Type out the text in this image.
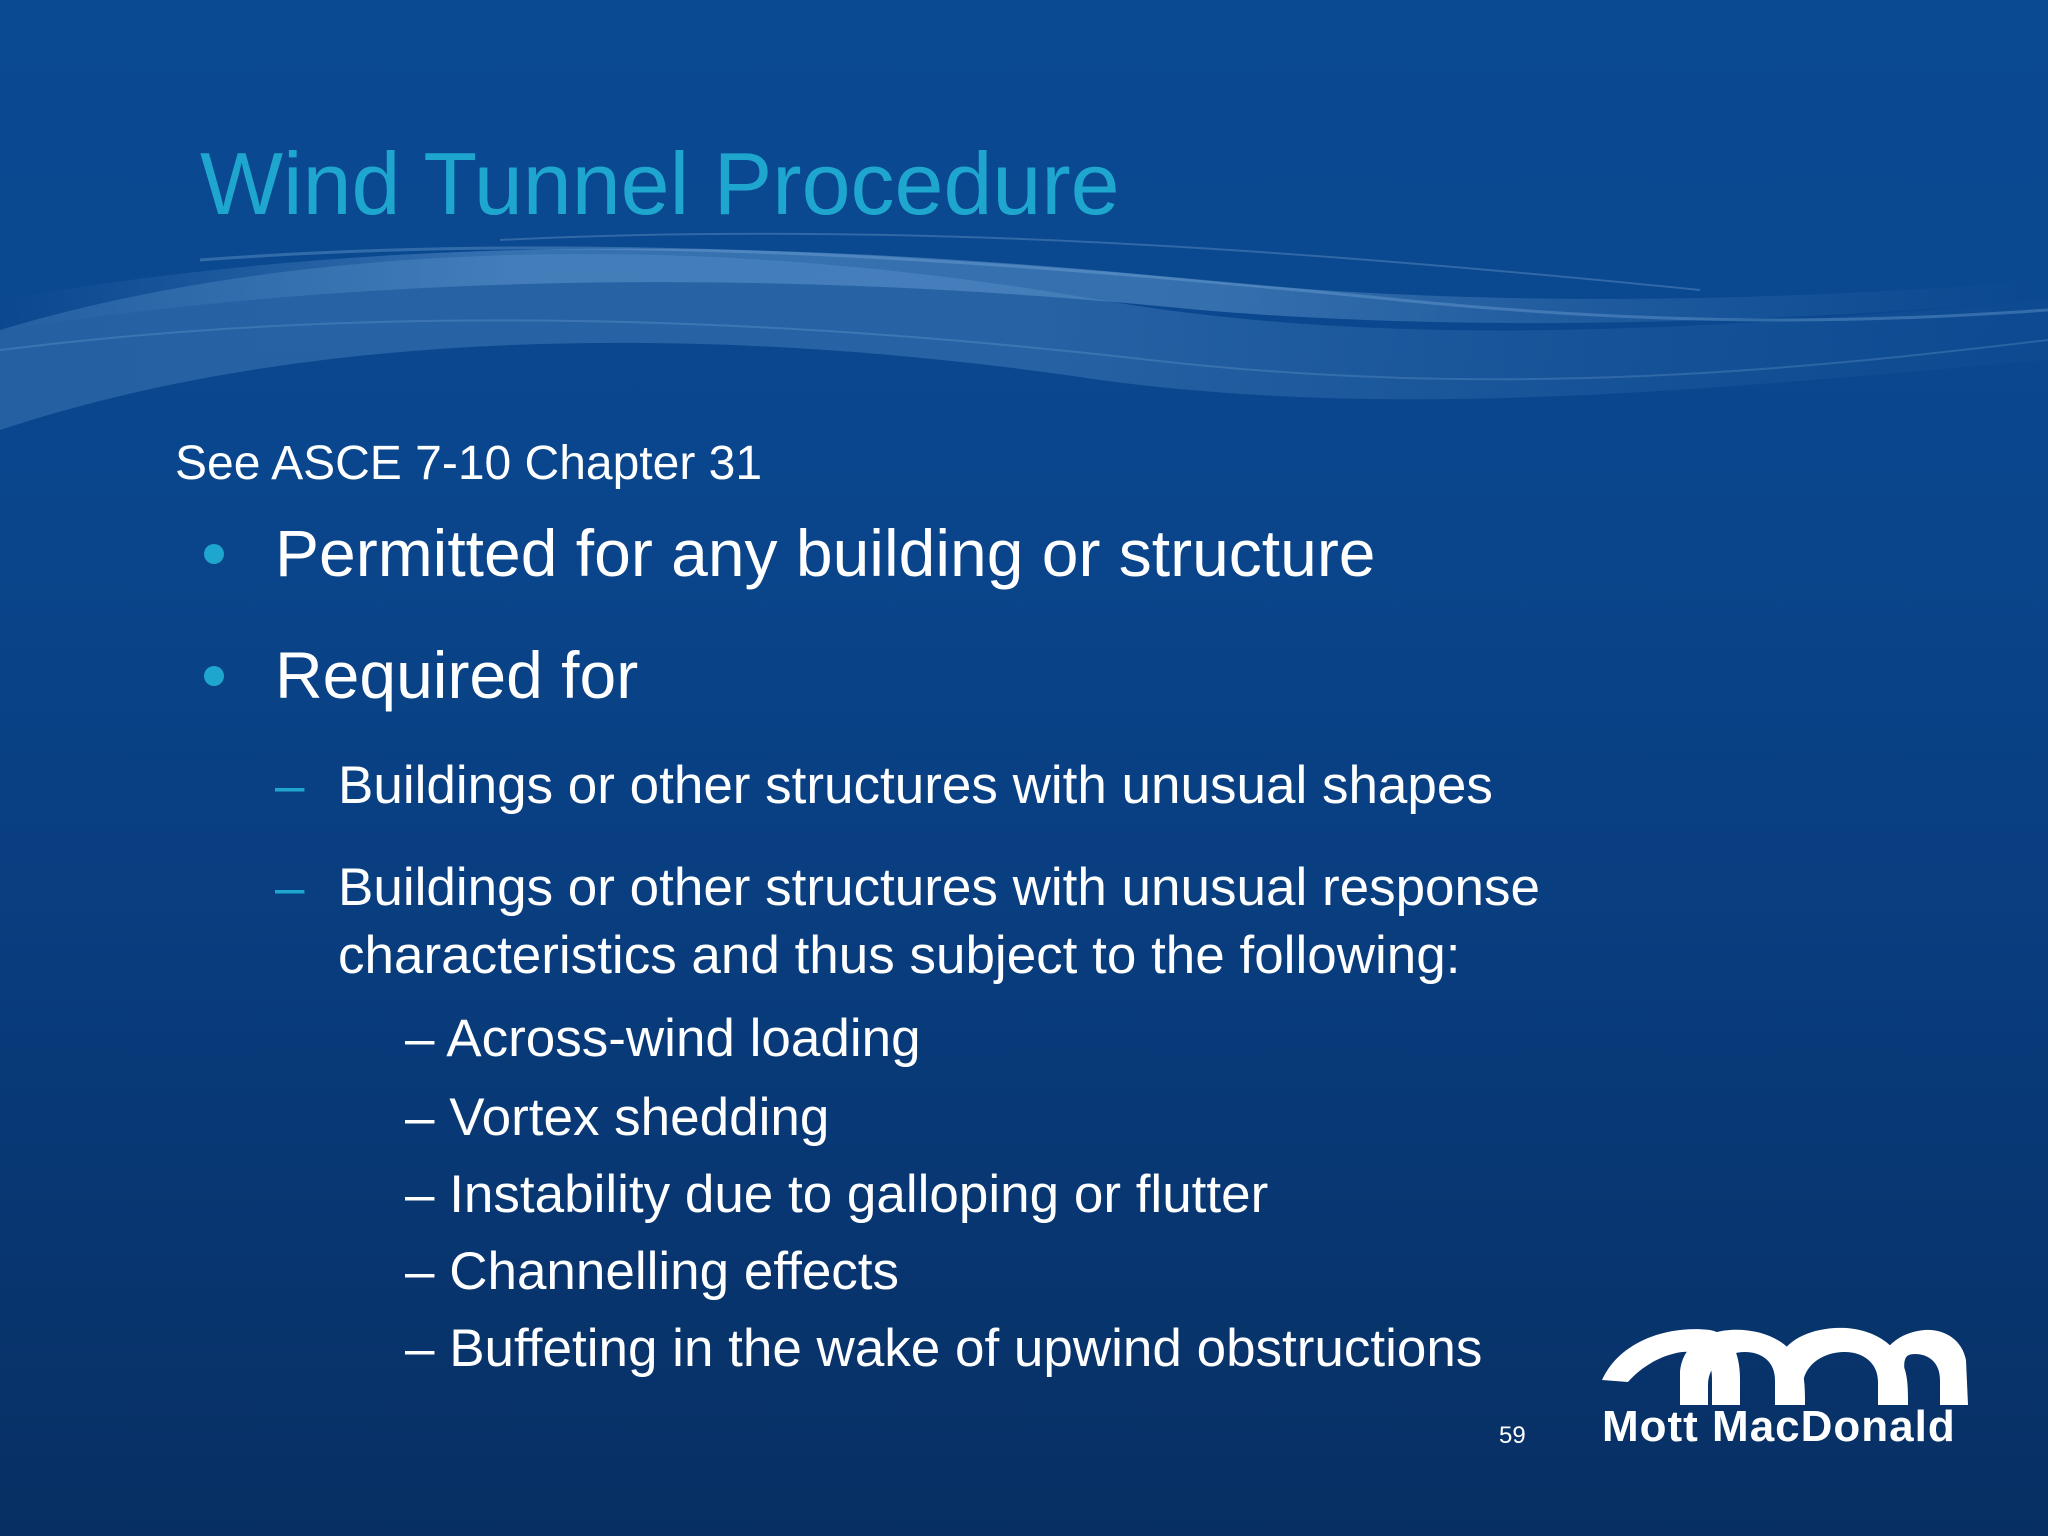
Wind Tunnel Procedure
See ASCE 7-10 Chapter 31
Permitted for any building or structure
Required for
– Buildings or other structures with unusual shapes
– Buildings or other structures with unusual response
characteristics and thus subject to the following:
– Across-wind loading
– Vortex shedding
– Instability due to galloping or flutter
– Channelling effects
– Buffeting in the wake of upwind obstructions
59 Mott MacDonald
